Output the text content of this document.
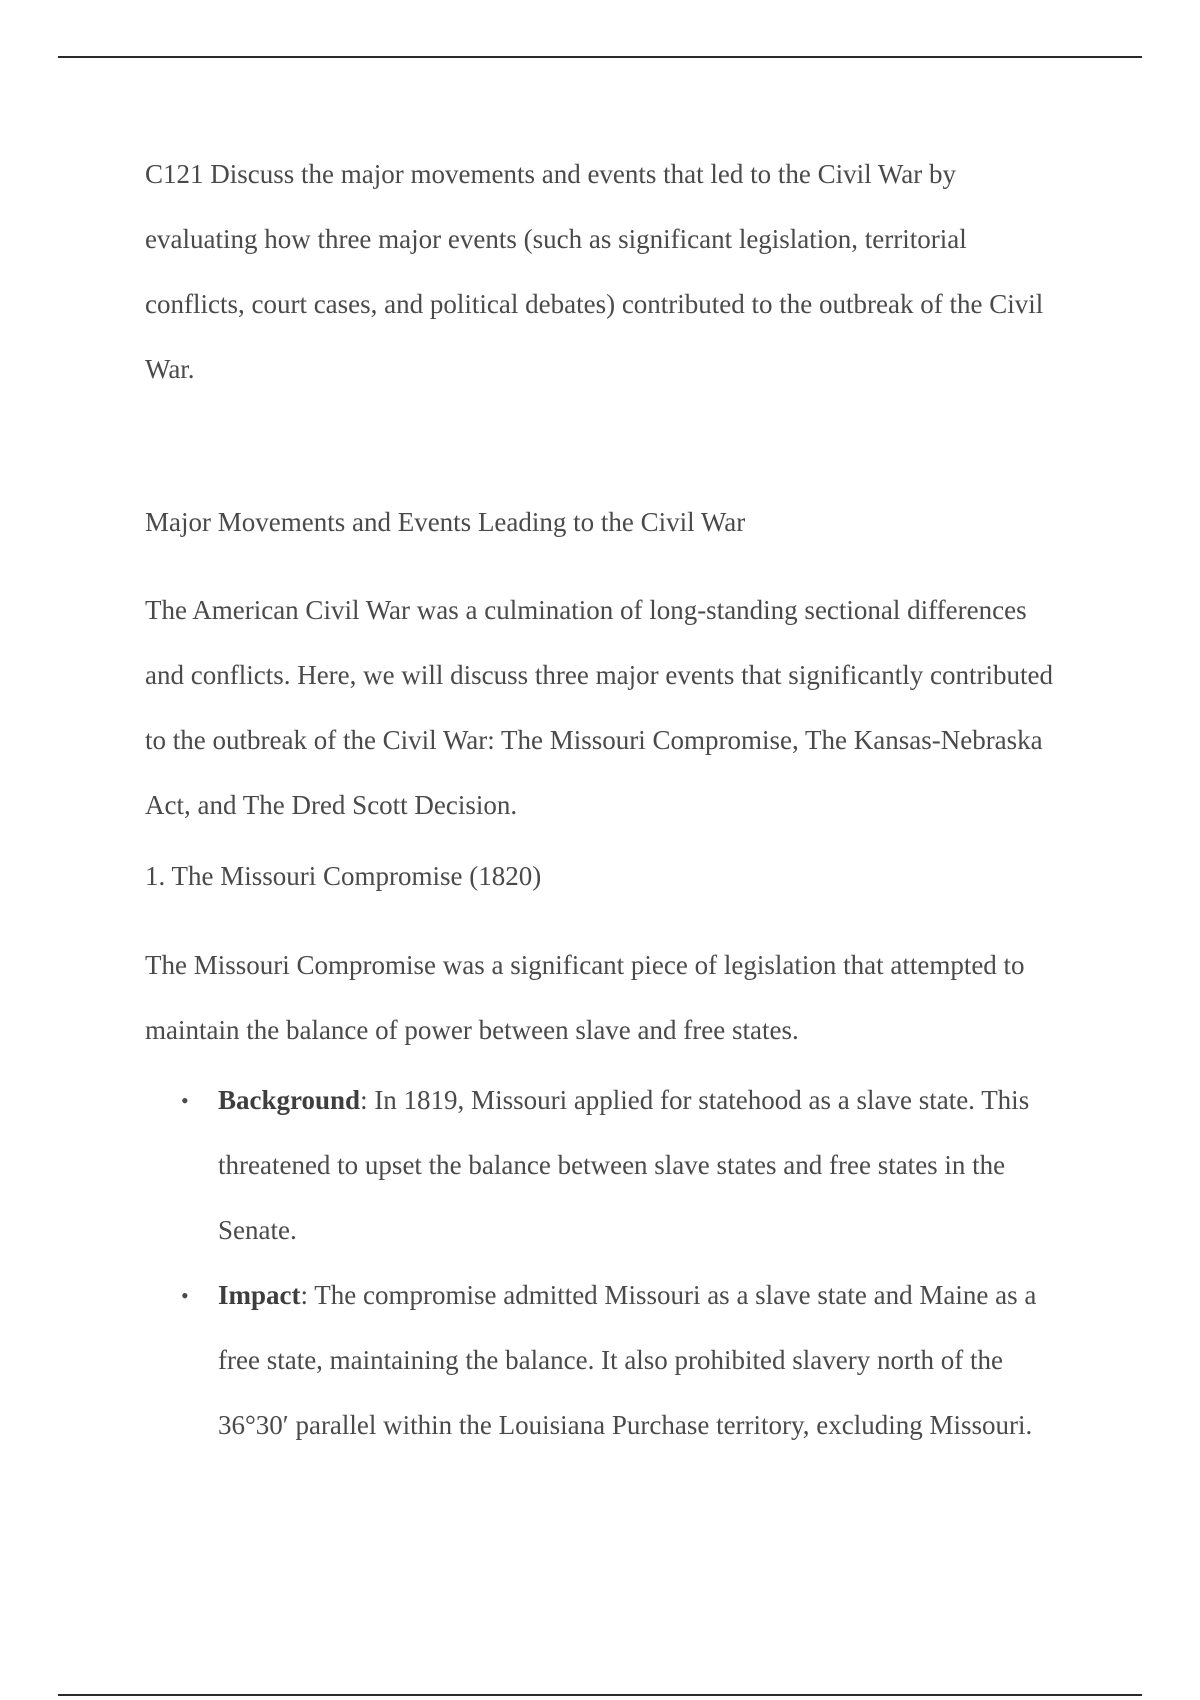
C121 Discuss the major movements and events that led to the Civil War by evaluating how three major events (such as significant legislation, territorial conflicts, court cases, and political debates) contributed to the outbreak of the Civil War.

Major Movements and Events Leading to the Civil War

The American Civil War was a culmination of long-standing sectional differences and conflicts. Here, we will discuss three major events that significantly contributed to the outbreak of the Civil War: The Missouri Compromise, The Kansas-Nebraska Act, and The Dred Scott Decision.

1. The Missouri Compromise (1820)

The Missouri Compromise was a significant piece of legislation that attempted to maintain the balance of power between slave and free states.

• Background: In 1819, Missouri applied for statehood as a slave state. This threatened to upset the balance between slave states and free states in the Senate.
• Impact: The compromise admitted Missouri as a slave state and Maine as a free state, maintaining the balance. It also prohibited slavery north of the 36°30′ parallel within the Louisiana Purchase territory, excluding Missouri.
